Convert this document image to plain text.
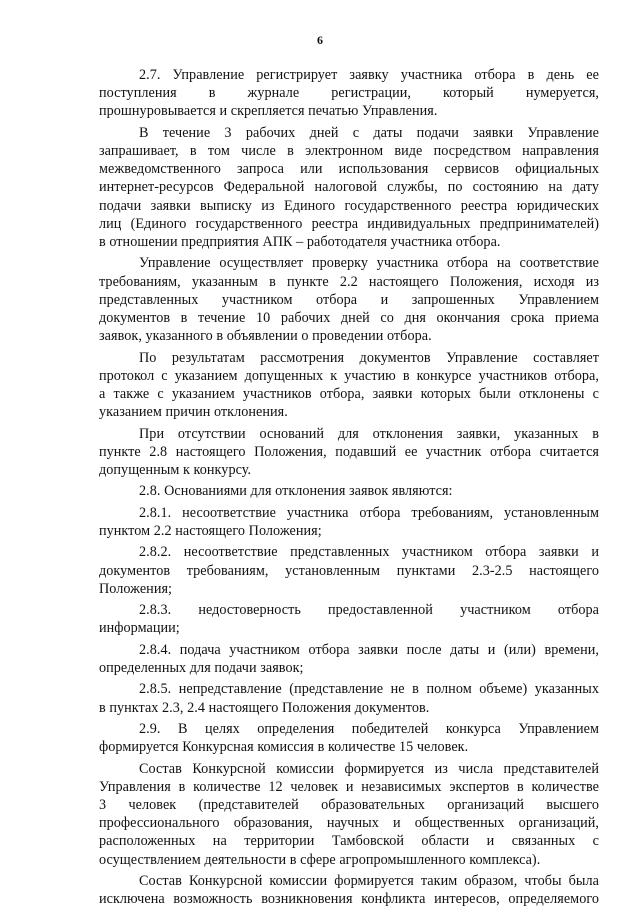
6
2.7. Управление регистрирует заявку участника отбора в день ее
поступления в журнале регистрации, который нумеруется,
прошнуровывается и скрепляется печатью Управления.
В течение 3 рабочих дней с даты подачи заявки Управление
запрашивает, в том числе в электронном виде посредством направления
межведомственного запроса или использования сервисов официальных
интернет-ресурсов Федеральной налоговой службы, по состоянию на дату
подачи заявки выписку из Единого государственного реестра юридических
лиц (Единого государственного реестра индивидуальных предпринимателей)
в отношении предприятия АПК – работодателя участника отбора.
Управление осуществляет проверку участника отбора на соответствие
требованиям, указанным в пункте 2.2 настоящего Положения, исходя из
представленных участником отбора и запрошенных Управлением
документов в течение 10 рабочих дней со дня окончания срока приема
заявок, указанного в объявлении о проведении отбора.
По результатам рассмотрения документов Управление составляет
протокол с указанием допущенных к участию в конкурсе участников отбора,
а также с указанием участников отбора, заявки которых были отклонены с
указанием причин отклонения.
При отсутствии оснований для отклонения заявки, указанных в
пункте 2.8 настоящего Положения, подавший ее участник отбора считается
допущенным к конкурсу.
2.8. Основаниями для отклонения заявок являются:
2.8.1. несоответствие участника отбора требованиям, установленным
пунктом 2.2 настоящего Положения;
2.8.2. несоответствие представленных участником отбора заявки и
документов требованиям, установленным пунктами 2.3-2.5 настоящего
Положения;
2.8.3. недостоверность предоставленной участником отбора
информации;
2.8.4. подача участником отбора заявки после даты и (или) времени,
определенных для подачи заявок;
2.8.5. непредставление (представление не в полном объеме) указанных
в пунктах 2.3, 2.4 настоящего Положения документов.
2.9. В целях определения победителей конкурса Управлением
формируется Конкурсная комиссия в количестве 15 человек.
Состав Конкурсной комиссии формируется из числа представителей
Управления в количестве 12 человек и независимых экспертов в количестве
3 человек (представителей образовательных организаций высшего
профессионального образования, научных и общественных организаций,
расположенных на территории Тамбовской области и связанных с
осуществлением деятельности в сфере агропромышленного комплекса).
Состав Конкурсной комиссии формируется таким образом, чтобы была
исключена возможность возникновения конфликта интересов, определяемого
